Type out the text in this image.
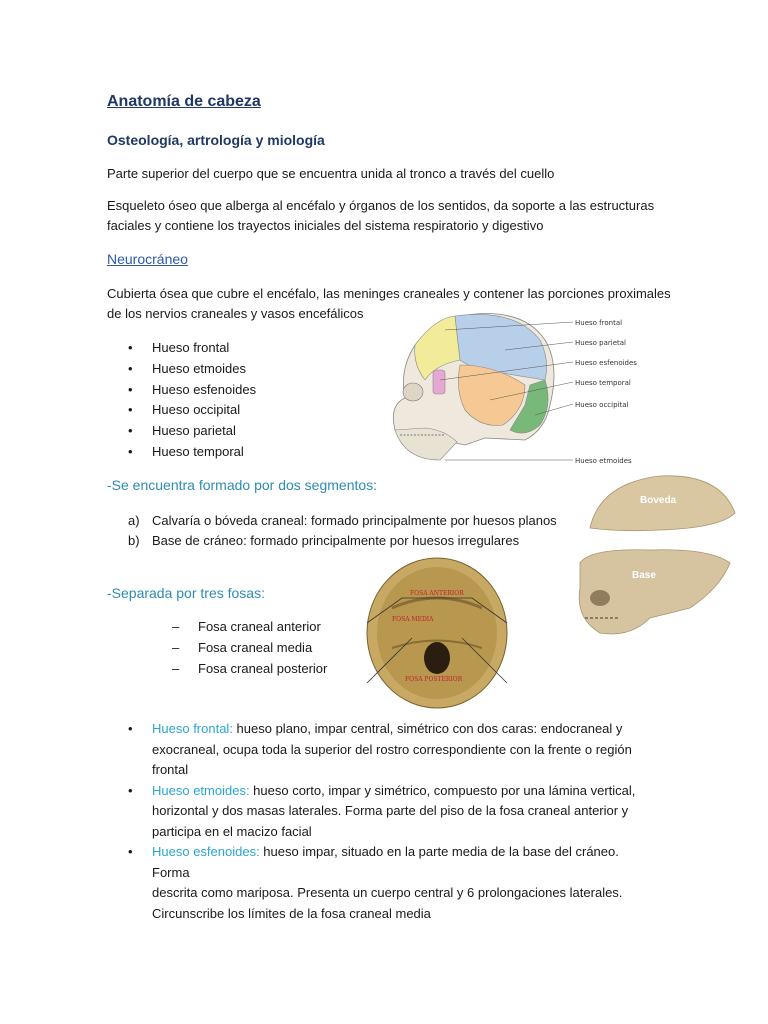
Anatomía de cabeza
Osteología, artrología y miología
Parte superior del cuerpo que se encuentra unida al tronco a través del cuello
Esqueleto óseo que alberga al encéfalo y órganos de los sentidos, da soporte a las estructuras
faciales y contiene los trayectos iniciales del sistema respiratorio y digestivo
Neurocráneo
Cubierta ósea que cubre el encéfalo, las meninges craneales y contener las porciones proximales
de los nervios craneales y vasos encefálicos
• Hueso frontal
• Hueso etmoides
• Hueso esfenoides
• Hueso occipital
• Hueso parietal
• Hueso temporal
Hueso frontal
Hueso parietal
Hueso esfenoides
Hueso temporal
Hueso occipital
Hueso etmoides
-Se encuentra formado por dos segmentos:
a) Calvaría o bóveda craneal: formado principalmente por huesos planos
b) Base de cráneo: formado principalmente por huesos irregulares
Boveda
Base
-Separada por tres fosas:
– Fosa craneal anterior
– Fosa craneal media
– Fosa craneal posterior
FOSA ANTERIOR
FOSA MEDIA
FOSA POSTERIOR
• Hueso frontal: hueso plano, impar central, simétrico con dos caras: endocraneal y
exocraneal, ocupa toda la superior del rostro correspondiente con la frente o región
frontal
• Hueso etmoides: hueso corto, impar y simétrico, compuesto por una lámina vertical,
horizontal y dos masas laterales. Forma parte del piso de la fosa craneal anterior y
participa en el macizo facial
• Hueso esfenoides: hueso impar, situado en la parte media de la base del cráneo. Forma
descrita como mariposa. Presenta un cuerpo central y 6 prolongaciones laterales.
Circunscribe los límites de la fosa craneal media
